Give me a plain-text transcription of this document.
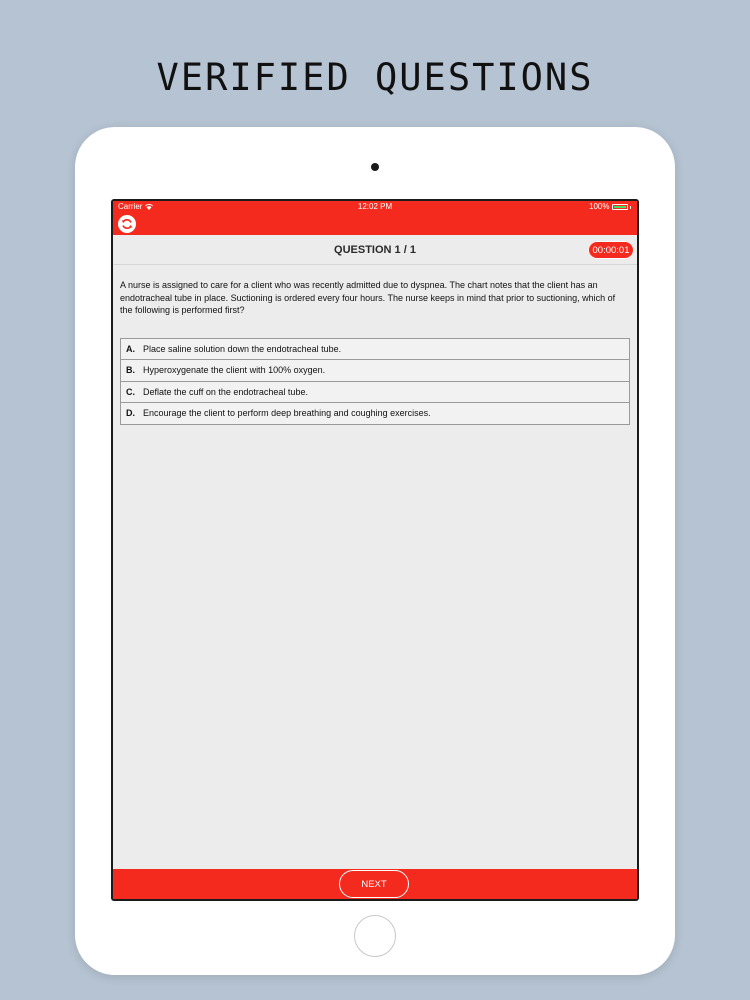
VERIFIED QUESTIONS
Carrier	12:02 PM	100%
QUESTION 1 / 1	00:00:01
A nurse is assigned to care for a client who was recently admitted due to dyspnea. The chart notes that the client has an endotracheal tube in place. Suctioning is ordered every four hours. The nurse keeps in mind that prior to suctioning, which of the following is performed first?
A. Place saline solution down the endotracheal tube.
B. Hyperoxygenate the client with 100% oxygen.
C. Deflate the cuff on the endotracheal tube.
D. Encourage the client to perform deep breathing and coughing exercises.
NEXT
